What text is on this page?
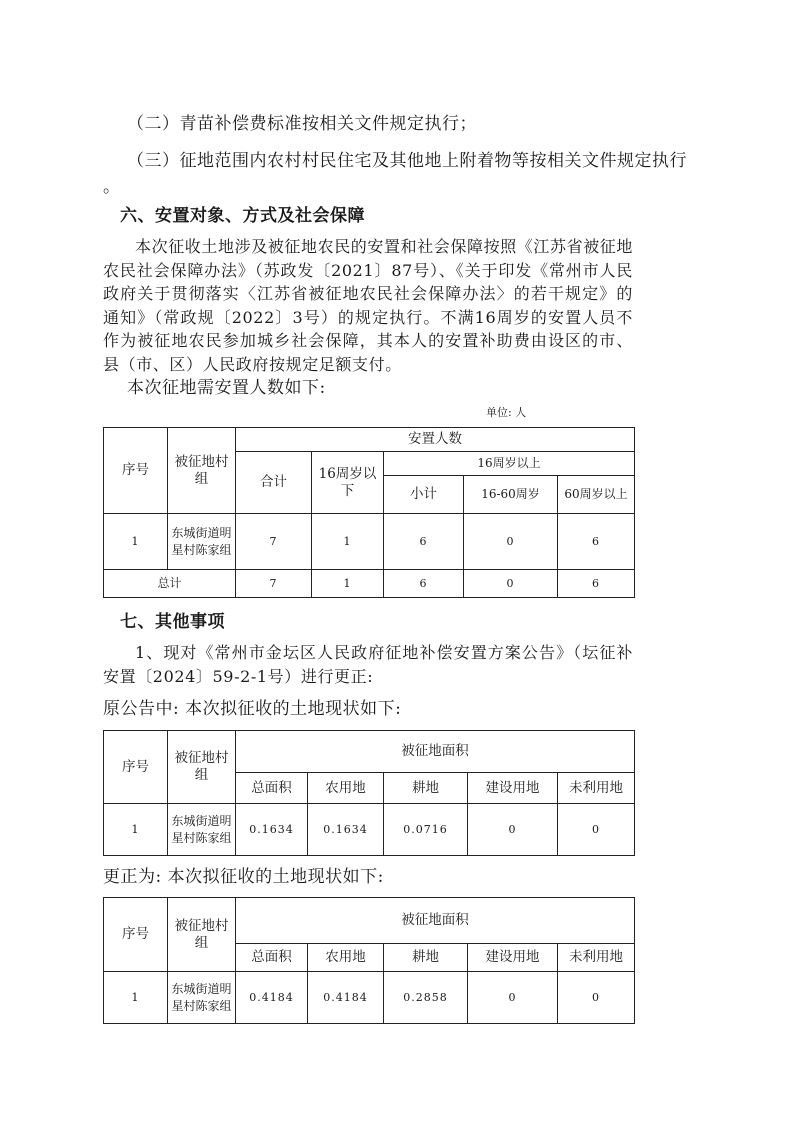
（二）青苗补偿费标准按相关文件规定执行；
（三）征地范围内农村村民住宅及其他地上附着物等按相关文件规定执行
。
六、安置对象、方式及社会保障
本次征收土地涉及被征地农民的安置和社会保障按照《江苏省被征地农民社会保障办法》（苏政发〔2021〕87号）、《关于印发《常州市人民政府关于贯彻落实〈江苏省被征地农民社会保障办法〉的若干规定》的通知》（常政规〔2022〕3号）的规定执行。不满16周岁的安置人员不作为被征地农民参加城乡社会保障，其本人的安置补助费由设区的市、县（市、区）人民政府按规定足额支付。
本次征地需安置人数如下:
单位: 人
序号	被征地村组	安置人数				
		合计	16周岁以下	16周岁以上		
				小计	16-60周岁	60周岁以上
1	东城街道明星村陈家组	7	1	6	0	6
总计		7	1	6	0	6
七、其他事项
1、现对《常州市金坛区人民政府征地补偿安置方案公告》（坛征补安置〔2024〕59-2-1号）进行更正:
原公告中: 本次拟征收的土地现状如下:
序号	被征地村组	被征地面积				
		总面积	农用地	耕地	建设用地	未利用地
1	东城街道明星村陈家组	0.1634	0.1634	0.0716	0	0
更正为: 本次拟征收的土地现状如下:
序号	被征地村组	被征地面积				
		总面积	农用地	耕地	建设用地	未利用地
1	东城街道明星村陈家组	0.4184	0.4184	0.2858	0	0
